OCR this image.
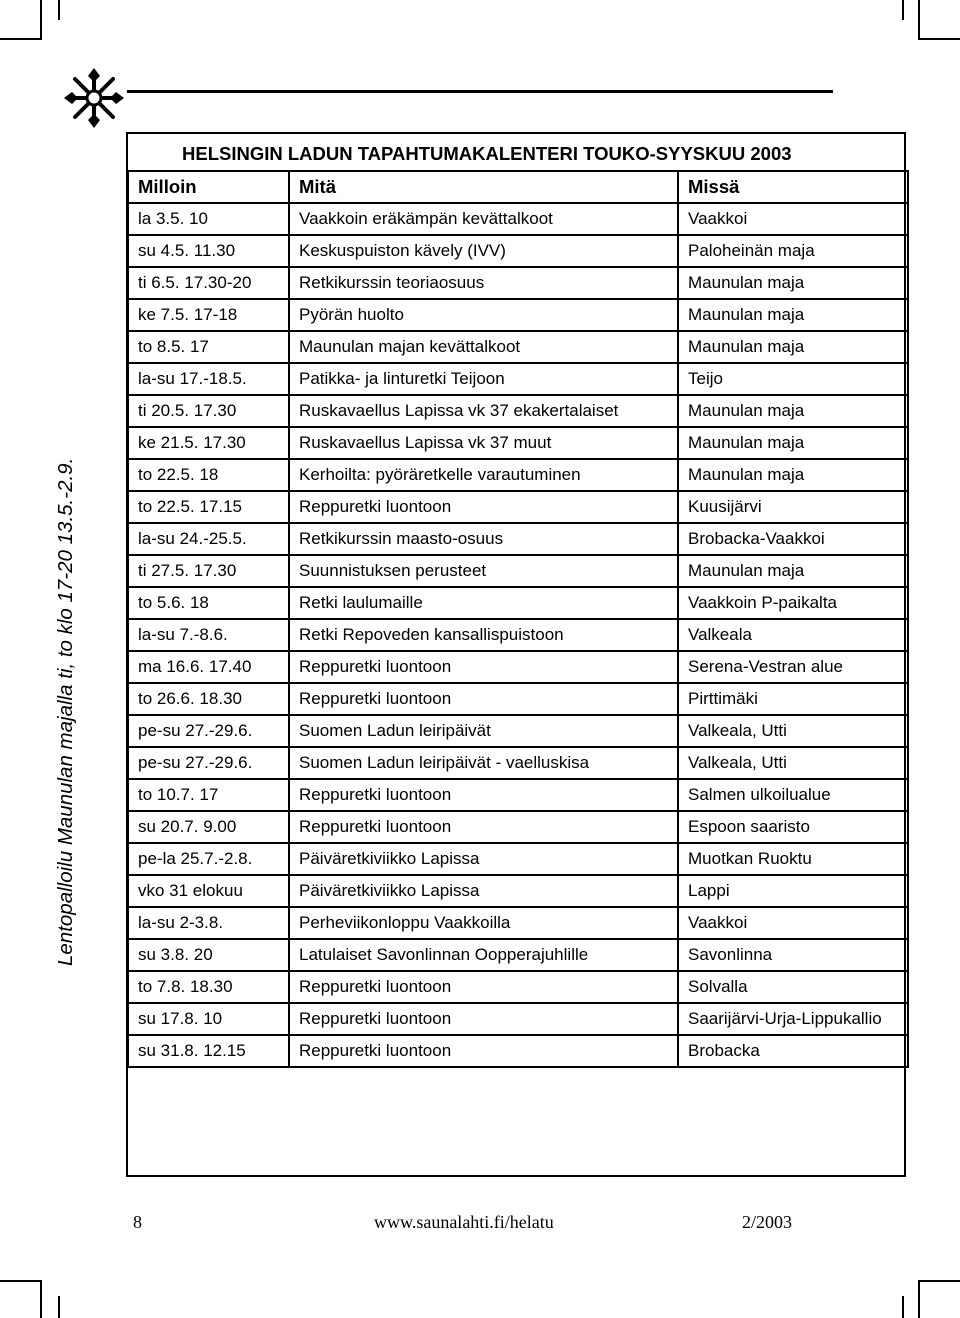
Lentopalloilu Maunulan majalla ti, to klo 17-20 13.5.-2.9.
HELSINGIN LADUN TAPAHTUMAKALENTERI TOUKO-SYYSKUU 2003
Milloin	Mitä	Missä
la 3.5. 10	Vaakkoin eräkämpän kevättalkoot	Vaakkoi
su 4.5. 11.30	Keskuspuiston kävely (IVV)	Paloheinän maja
ti 6.5. 17.30-20	Retkikurssin teoriaosuus	Maunulan maja
ke 7.5. 17-18	Pyörän huolto	Maunulan maja
to 8.5. 17	Maunulan majan kevättalkoot	Maunulan maja
la-su 17.-18.5.	Patikka- ja linturetki Teijoon	Teijo
ti 20.5. 17.30	Ruskavaellus Lapissa vk 37 ekakertalaiset	Maunulan maja
ke 21.5. 17.30	Ruskavaellus Lapissa vk 37 muut	Maunulan maja
to 22.5. 18	Kerhoilta: pyöräretkelle varautuminen	Maunulan maja
to 22.5. 17.15	Reppuretki luontoon	Kuusijärvi
la-su 24.-25.5.	Retkikurssin maasto-osuus	Brobacka-Vaakkoi
ti 27.5. 17.30	Suunnistuksen perusteet	Maunulan maja
to 5.6. 18	Retki laulumaille	Vaakkoin P-paikalta
la-su 7.-8.6.	Retki Repoveden kansallispuistoon	Valkeala
ma 16.6. 17.40	Reppuretki luontoon	Serena-Vestran alue
to 26.6. 18.30	Reppuretki luontoon	Pirttimäki
pe-su 27.-29.6.	Suomen Ladun leiripäivät	Valkeala, Utti
pe-su 27.-29.6.	Suomen Ladun leiripäivät - vaelluskisa	Valkeala, Utti
to 10.7. 17	Reppuretki luontoon	Salmen ulkoilualue
su 20.7. 9.00	Reppuretki luontoon	Espoon saaristo
pe-la 25.7.-2.8.	Päiväretkiviikko Lapissa	Muotkan Ruoktu
vko 31 elokuu	Päiväretkiviikko Lapissa	Lappi
la-su 2-3.8.	Perheviikonloppu Vaakkoilla	Vaakkoi
su 3.8. 20	Latulaiset Savonlinnan Oopperajuhlille	Savonlinna
to 7.8. 18.30	Reppuretki luontoon	Solvalla
su 17.8. 10	Reppuretki luontoon	Saarijärvi-Urja-Lippukallio
su 31.8. 12.15	Reppuretki luontoon	Brobacka
8	www.saunalahti.fi/helatu	2/2003
